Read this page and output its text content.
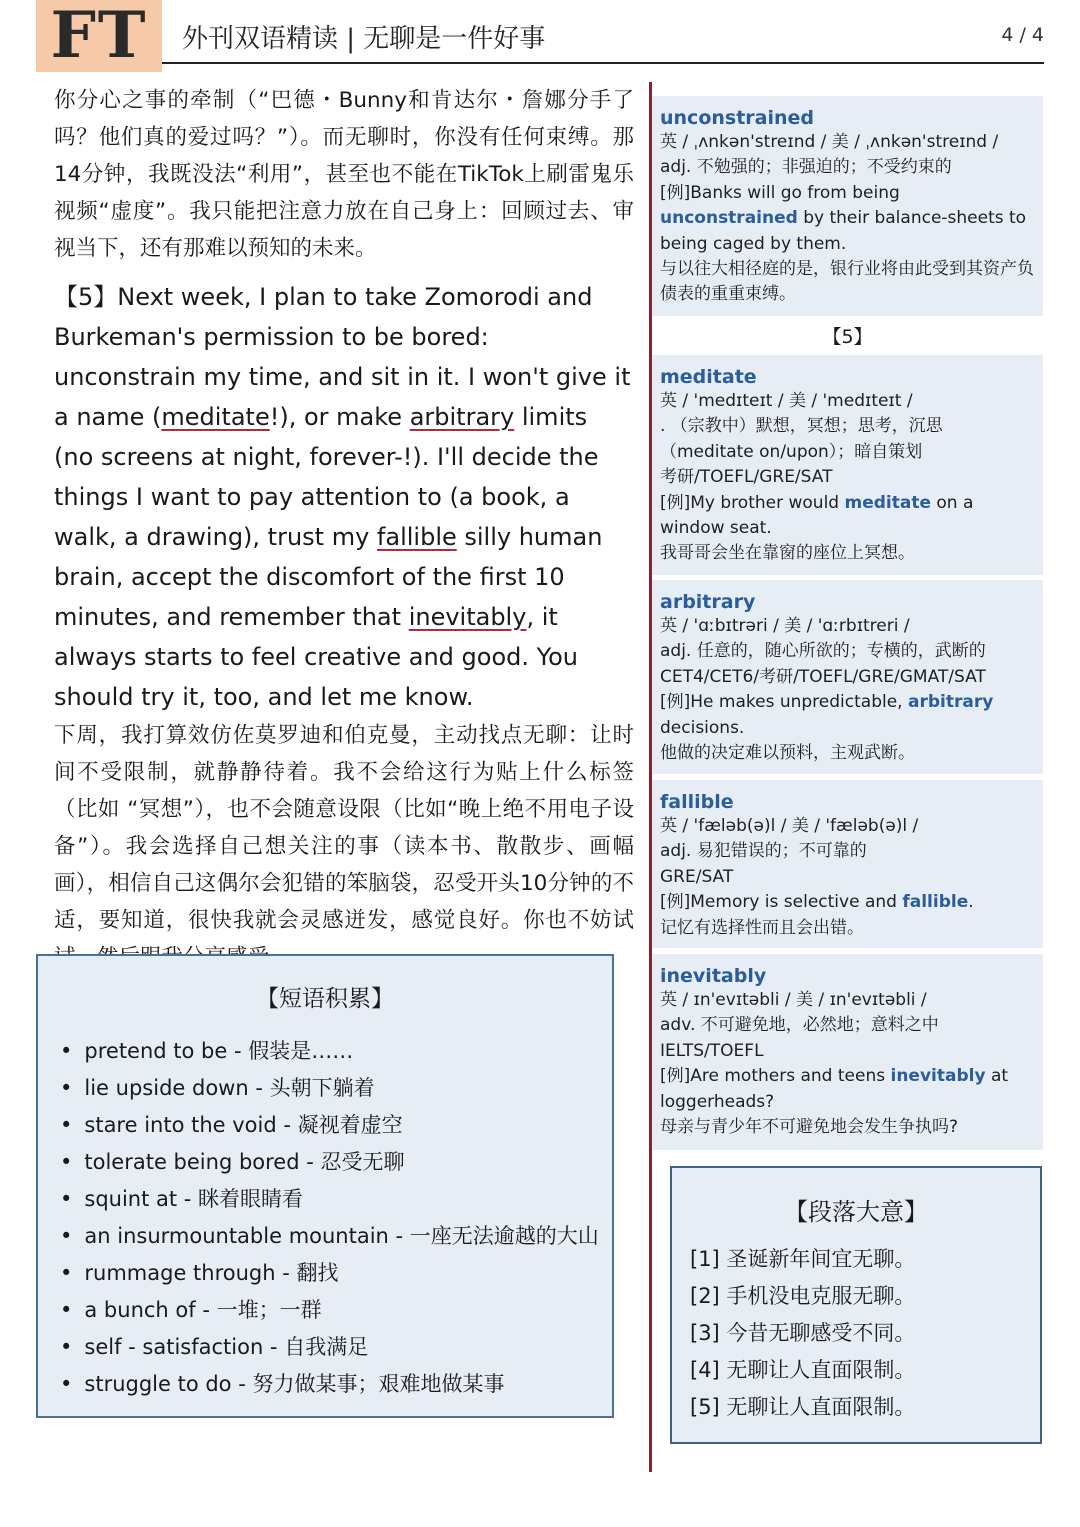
FT	外刊双语精读 | 无聊是一件好事	4 / 4

你分心之事的牵制（“巴德・Bunny和肯达尔・詹娜分手了吗？他们真的爱过吗？”）。而无聊时，你没有任何束缚。那14分钟，我既没法“利用”，甚至也不能在TikTok上刷雷鬼乐视频“虚度”。我只能把注意力放在自己身上：回顾过去、审视当下，还有那难以预知的未来。

【5】Next week, I plan to take Zomorodi and Burkeman's permission to be bored: unconstrain my time, and sit in it. I won't give it a name (meditate!), or make arbitrary limits (no screens at night, forever-!). I'll decide the things I want to pay attention to (a book, a walk, a drawing), trust my fallible silly human brain, accept the discomfort of the first 10 minutes, and remember that inevitably, it always starts to feel creative and good. You should try it, too, and let me know.

下周，我打算效仿佐莫罗迪和伯克曼，主动找点无聊：让时间不受限制，就静静待着。我不会给这行为贴上什么标签（比如 “冥想”），也不会随意设限（比如“晚上绝不用电子设备”）。我会选择自己想关注的事（读本书、散散步、画幅画），相信自己这偶尔会犯错的笨脑袋，忍受开头10分钟的不适，要知道，很快我就会灵感迸发，感觉良好。你也不妨试

【短语积累】
• pretend to be - 假装是……
• lie upside down - 头朝下躺着
• stare into the void - 凝视着虚空
• tolerate being bored - 忍受无聊
• squint at - 眯着眼睛看
• an insurmountable mountain - 一座无法逾越的大山
• rummage through - 翻找
• a bunch of - 一堆；一群
• self - satisfaction - 自我满足
• struggle to do - 努力做某事；艰难地做某事
unconstrained
英 / ˌʌnkən'streɪnd / 美 / ˌʌnkən'streɪnd /
adj. 不勉强的；非强迫的；不受约束的
[例]Banks will go from being unconstrained by their balance-sheets to being caged by them.
与以往大相径庭的是，银行业将由此受到其资产负债表的重重束缚。
【5】
meditate
英 / 'medɪteɪt / 美 / 'medɪteɪt /
. （宗教中）默想，冥想；思考，沉思（meditate on/upon）；暗自策划
考研/TOEFL/GRE/SAT
[例]My brother would meditate on a window seat.
我哥哥会坐在靠窗的座位上冥想。
arbitrary
英 / 'ɑːbɪtrəri / 美 / 'ɑːrbɪtreri /
adj. 任意的，随心所欲的；专横的，武断的
CET4/CET6/考研/TOEFL/GRE/GMAT/SAT
[例]He makes unpredictable, arbitrary decisions.
他做的决定难以预料，主观武断。
fallible
英 / 'fæləb(ə)l / 美 / 'fæləb(ə)l /
adj. 易犯错误的；不可靠的
GRE/SAT
[例]Memory is selective and fallible.
记忆有选择性而且会出错。
inevitably
英 / ɪn'evɪtəbli / 美 / ɪn'evɪtəbli /
adv. 不可避免地，必然地；意料之中
IELTS/TOEFL
[例]Are mothers and teens inevitably at loggerheads?
母亲与青少年不可避免地会发生争执吗?
【段落大意】
[1] 圣诞新年间宜无聊。
[2] 手机没电克服无聊。
[3] 今昔无聊感受不同。
[4] 无聊让人直面限制。
[5] 无聊让人直面限制。
